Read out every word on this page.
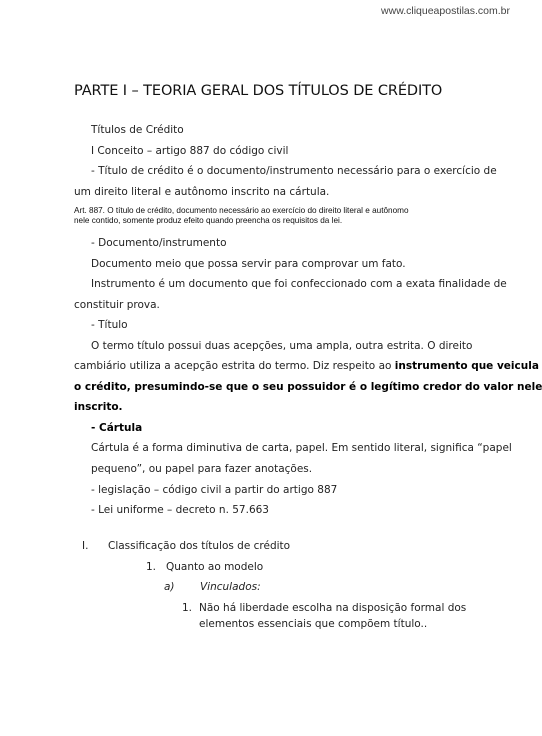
www.cliqueapostilas.com.br
PARTE I – TEORIA GERAL DOS TÍTULOS DE CRÉDITO
Títulos de Crédito
I Conceito – artigo 887 do código civil
- Título de crédito é o documento/instrumento necessário para o exercício de
um direito literal e autônomo inscrito na cártula.
Art. 887. O título de crédito, documento necessário ao exercício do direito literal e autônomo
nele contido, somente produz efeito quando preencha os requisitos da lei.
- Documento/instrumento
Documento meio que possa servir para comprovar um fato.
Instrumento é um documento que foi confeccionado com a exata finalidade de
constituir prova.
- Título
O termo título possui duas acepções, uma ampla, outra estrita. O direito
cambiário utiliza a acepção estrita do termo. Diz respeito ao instrumento que veicula
o crédito, presumindo-se que o seu possuidor é o legítimo credor do valor nele
inscrito.
- Cártula
Cártula é a forma diminutiva de carta, papel. Em sentido literal, significa “papel
pequeno”, ou papel para fazer anotações.
- legislação – código civil a partir do artigo 887
- Lei uniforme – decreto n. 57.663
I. Classificação dos títulos de crédito
1. Quanto ao modelo
a) Vinculados:
1. Não há liberdade escolha na disposição formal dos
elementos essenciais que compõem título..
